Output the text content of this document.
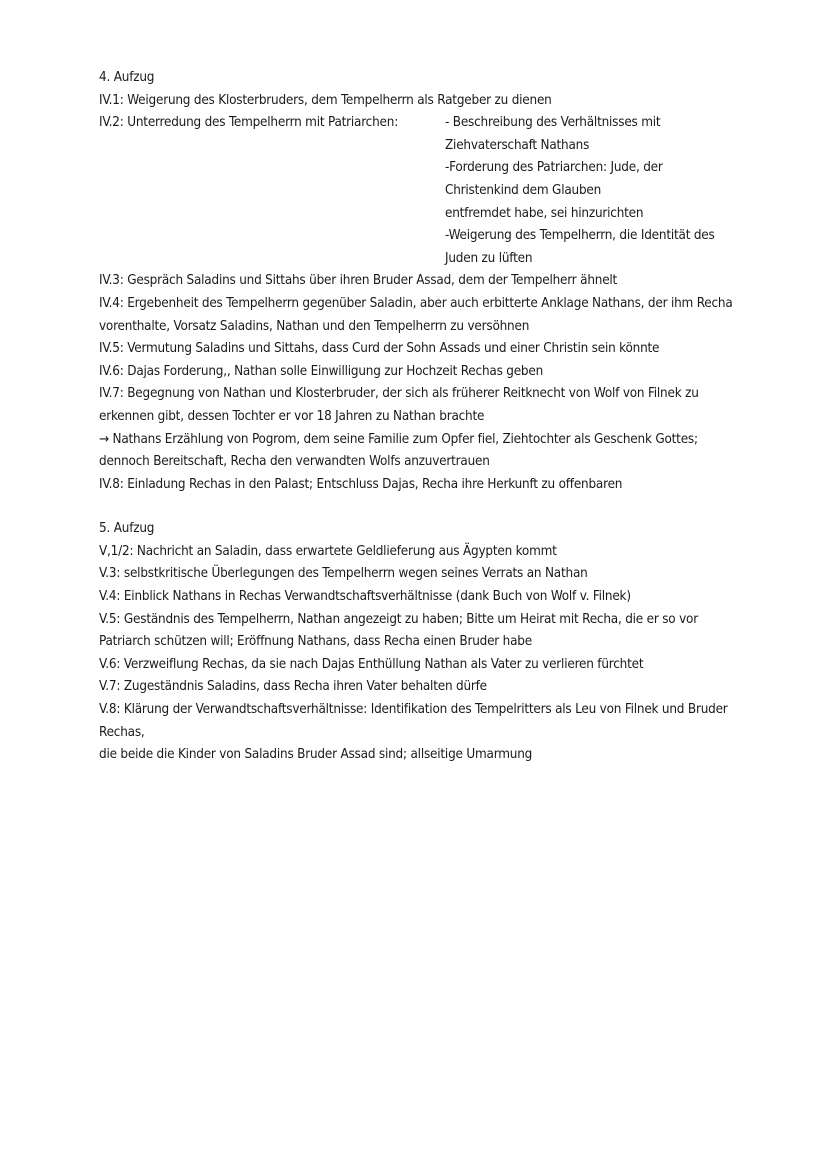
4. Aufzug
IV.1: Weigerung des Klosterbruders, dem Tempelherrn als Ratgeber zu dienen
IV.2: Unterredung des Tempelherrn mit Patriarchen:	- Beschreibung des Verhältnisses mit
Ziehvaterschaft Nathans
-Forderung des Patriarchen: Jude, der
Christenkind dem Glauben
entfremdet habe, sei hinzurichten
-Weigerung des Tempelherrn, die Identität des
Juden zu lüften
IV.3: Gespräch Saladins und Sittahs über ihren Bruder Assad, dem der Tempelherr ähnelt
IV.4: Ergebenheit des Tempelherrn gegenüber Saladin, aber auch erbitterte Anklage Nathans, der ihm Recha
vorenthalte, Vorsatz Saladins, Nathan und den Tempelherrn zu versöhnen
IV.5: Vermutung Saladins und Sittahs, dass Curd der Sohn Assads und einer Christin sein könnte
IV.6: Dajas Forderung,, Nathan solle Einwilligung zur Hochzeit Rechas geben
IV.7: Begegnung von Nathan und Klosterbruder, der sich als früherer Reitknecht von Wolf von Filnek zu
erkennen gibt, dessen Tochter er vor 18 Jahren zu Nathan brachte
→ Nathans Erzählung von Pogrom, dem seine Familie zum Opfer fiel, Ziehtochter als Geschenk Gottes;
dennoch Bereitschaft, Recha den verwandten Wolfs anzuvertrauen
IV.8: Einladung Rechas in den Palast; Entschluss Dajas, Recha ihre Herkunft zu offenbaren
5. Aufzug
V,1/2: Nachricht an Saladin, dass erwartete Geldlieferung aus Ägypten kommt
V.3: selbstkritische Überlegungen des Tempelherrn wegen seines Verrats an Nathan
V.4: Einblick Nathans in Rechas Verwandtschaftsverhältnisse (dank Buch von Wolf v. Filnek)
V.5: Geständnis des Tempelherrn, Nathan angezeigt zu haben; Bitte um Heirat mit Recha, die er so vor
Patriarch schützen will; Eröffnung Nathans, dass Recha einen Bruder habe
V.6: Verzweiflung Rechas, da sie nach Dajas Enthüllung Nathan als Vater zu verlieren fürchtet
V.7: Zugeständnis Saladins, dass Recha ihren Vater behalten dürfe
V.8: Klärung der Verwandtschaftsverhältnisse: Identifikation des Tempelritters als Leu von Filnek und Bruder
Rechas,
die beide die Kinder von Saladins Bruder Assad sind; allseitige Umarmung
